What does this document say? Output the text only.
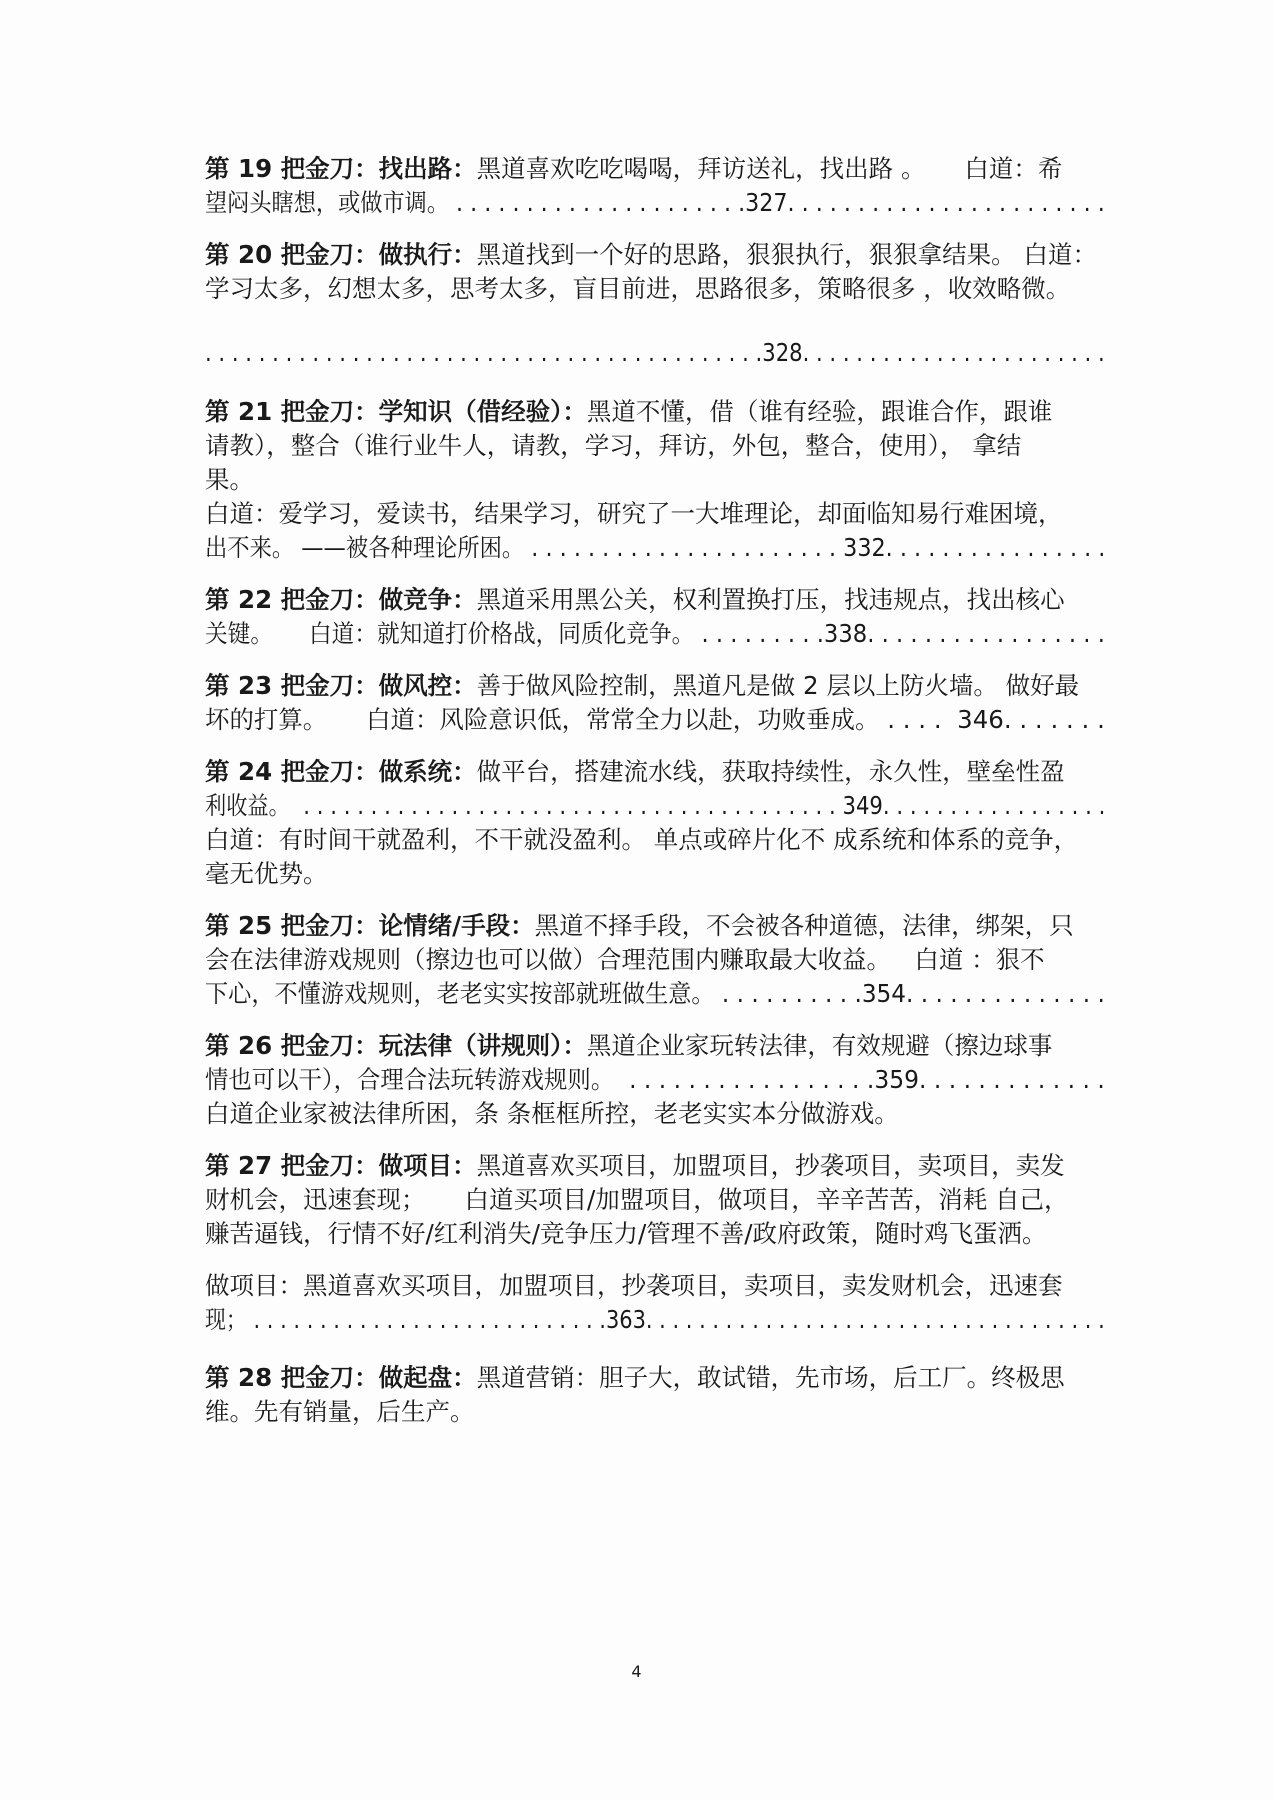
第 19 把金刀：找出路：黑道喜欢吃吃喝喝，拜访送礼，找出路 。     白道：希
望闷头瞎想，或做市调。 . . . . . . . . . . . . . . . . . . . . .327. . . . . . . . . . . . . . . . . . . . . . .
第 20 把金刀：做执行：黑道找到一个好的思路，狠狠执行，狠狠拿结果。 白道：
学习太多，幻想太多，思考太多，盲目前进，思路很多，策略很多 ，收效略微。
. . . . . . . . . . . . . . . . . . . . . . . . . . . . . . . . . . . . . . . . . .328. . . . . . . . . . . . . . . . . . . . . . .
第 21 把金刀：学知识（借经验）：黑道不懂，借（谁有经验，跟谁合作，跟谁
请教），整合（谁行业牛人，请教，学习，拜访，外包，整合，使用）， 拿结
果。
白道：爱学习，爱读书，结果学习，研究了一大堆理论，却面临知易行难困境，
出不来。 ——被各种理论所困。 . . . . . . . . . . . . . . . . . . . . . . 332. . . . . . . . . . . . . . . .
第 22 把金刀：做竞争：黑道采用黑公关，权利置换打压，找违规点，找出核心
关键。     白道：就知道打价格战，同质化竞争。 . . . . . . . . .338. . . . . . . . . . . . . . . . .
第 23 把金刀：做风控：善于做风险控制，黑道凡是做 2 层以上防火墙。 做好最
坏的打算。     白道：风险意识低，常常全力以赴，功败垂成。 . . . .  346. . . . . . .
第 24 把金刀：做系统：做平台，搭建流水线，获取持续性，永久性，壁垒性盈
利收益。  . . . . . . . . . . . . . . . . . . . . . . . . . . . . . . . . . . . . . . . . 349. . . . . . . . . . . . . . . . .
白道：有时间干就盈利，不干就没盈利。 单点或碎片化不 成系统和体系的竞争，
毫无优势。
第 25 把金刀：论情绪/手段：黑道不择手段，不会被各种道德，法律，绑架，只
会在法律游戏规则（擦边也可以做）合理范围内赚取最大收益。   白道 ：狠不
下心，不懂游戏规则，老老实实按部就班做生意。 . . . . . . . . . .354. . . . . . . . . . . . . .
第 26 把金刀：玩法律（讲规则）：黑道企业家玩转法律，有效规避（擦边球事
情也可以干），合理合法玩转游戏规则。  . . . . . . . . . . . . . . . . .359. . . . . . . . . . . . .
白道企业家被法律所困，条 条框框所控，老老实实本分做游戏。
第 27 把金刀：做项目：黑道喜欢买项目，加盟项目，抄袭项目，卖项目，卖发
财机会，迅速套现；     白道买项目/加盟项目，做项目，辛辛苦苦，消耗 自己，
赚苦逼钱，行情不好/红利消失/竞争压力/管理不善/政府政策，随时鸡飞蛋洒。
做项目：黑道喜欢买项目，加盟项目，抄袭项目，卖项目，卖发财机会，迅速套
现； . . . . . . . . . . . . . . . . . . . . . . . . . . .363. . . . . . . . . . . . . . . . . . . . . . . . . . . . . . . . . . .
第 28 把金刀：做起盘：黑道营销：胆子大，敢试错，先市场，后工厂。终极思
维。先有销量，后生产。
4
